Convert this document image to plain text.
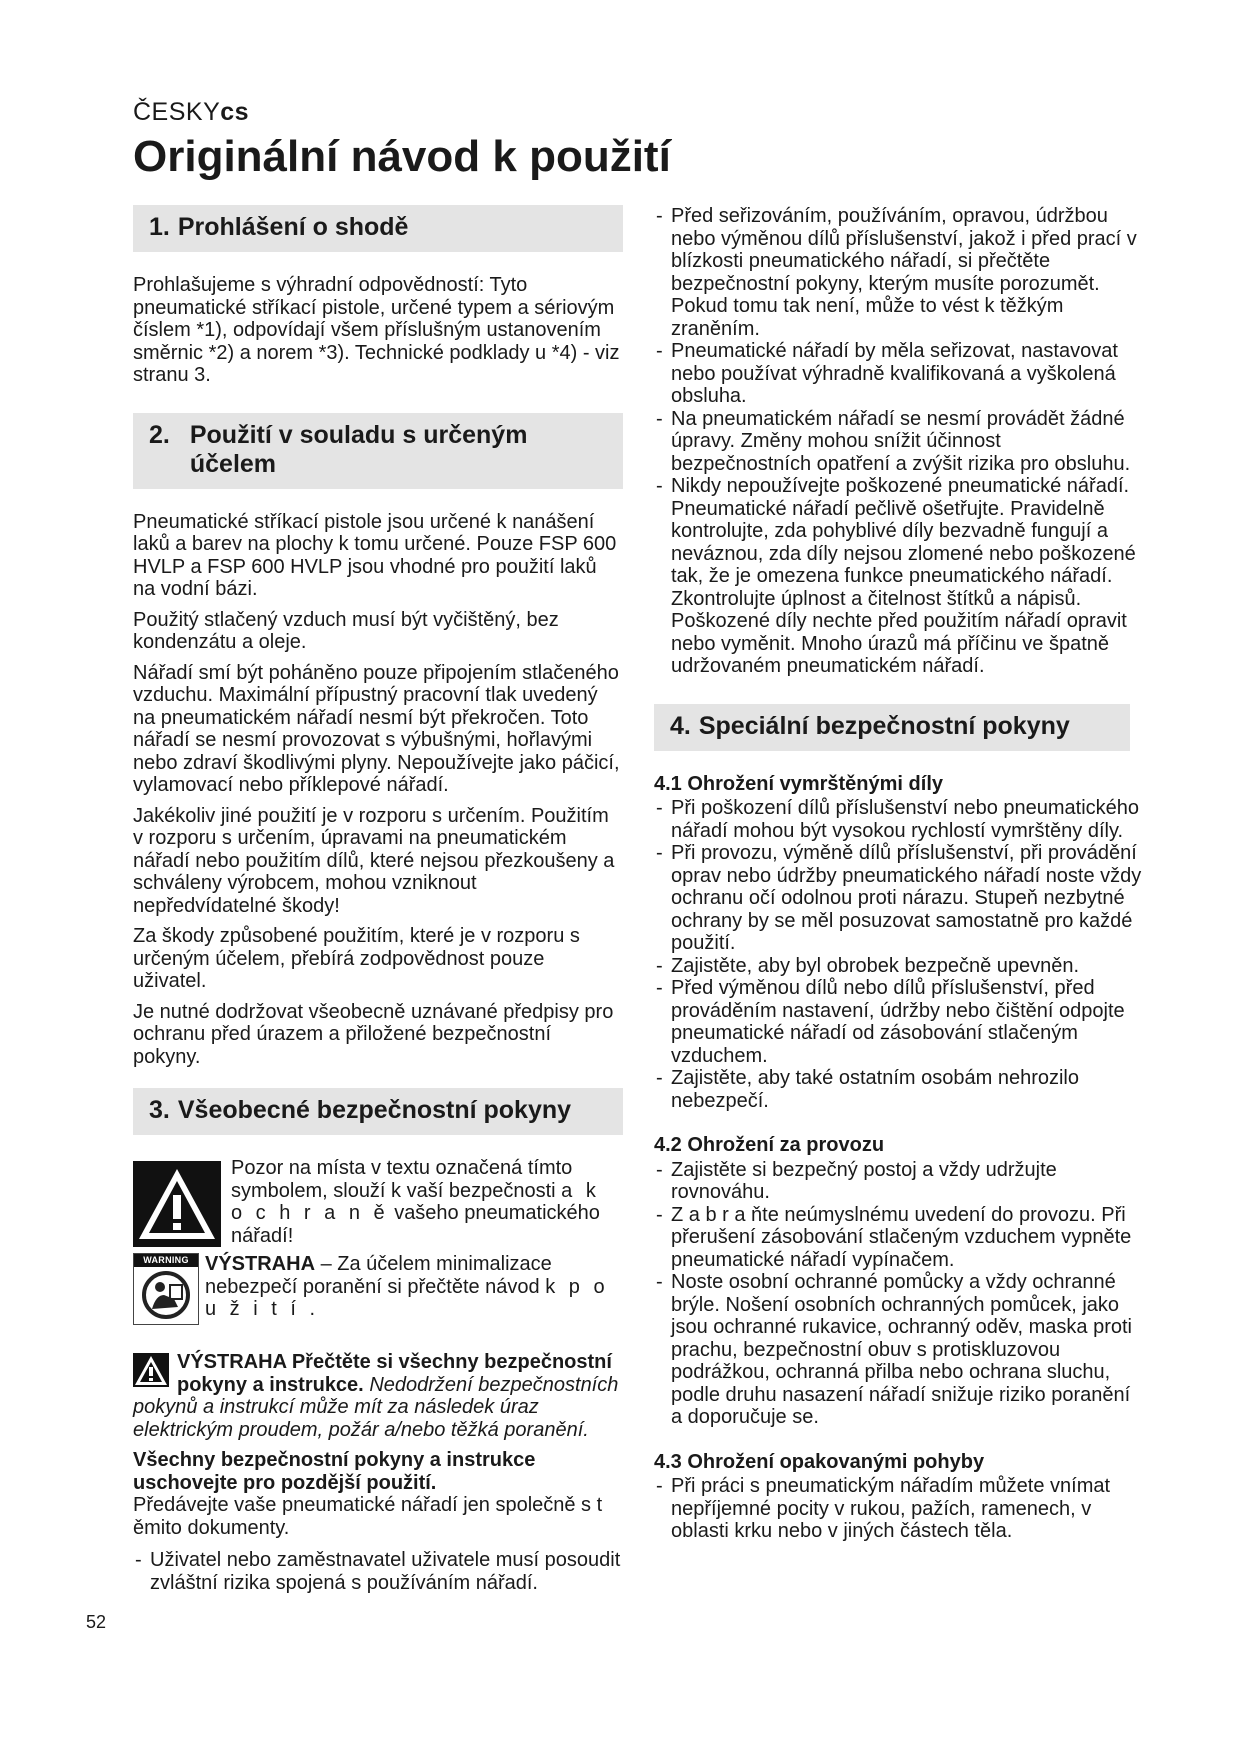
ČESKYcs
Originální návod k použití
1. Prohlášení o shodě

Prohlašujeme s výhradní odpovědností: Tyto pneumatické stříkací pistole, určené typem a sériovým číslem *1), odpovídají všem příslušným ustanovením směrnic *2) a norem *3). Technické podklady u *4) - viz stranu 3.

2. Použití v souladu s určeným účelem

Pneumatické stříkací pistole jsou určené k nanášení laků a barev na plochy k tomu určené. Pouze FSP 600 HVLP a FSP 600 HVLP jsou vhodné pro použití laků na vodní bázi.

Použitý stlačený vzduch musí být vyčištěný, bez kondenzátu a oleje.

Nářadí smí být poháněno pouze připojením stlačeného vzduchu. Maximální přípustný pracovní tlak uvedený na pneumatickém nářadí nesmí být překročen. Toto nářadí se nesmí provozovat s výbušnými, hořlavými nebo zdraví škodlivými plyny. Nepoužívejte jako páčicí, vylamovací nebo příklepové nářadí.

Jakékoliv jiné použití je v rozporu s určením. Použitím v rozporu s určením, úpravami na pneumatickém nářadí nebo použitím dílů, které nejsou přezkoušeny a schváleny výrobcem, mohou vzniknout nepředvídatelné škody!

Za škody způsobené použitím, které je v rozporu s určeným účelem, přebírá zodpovědnost pouze uživatel.

Je nutné dodržovat všeobecně uznávané předpisy pro ochranu před úrazem a přiložené bezpečnostní pokyny.

3. Všeobecné bezpečnostní pokyny
Pozor na místa v textu označená tímto symbolem, slouží k vaší bezpečnosti a k o c h r a n ě vašeho pneumatického nářadí!
WARNING VÝSTRAHA – Za účelem minimalizace nebezpečí poranění si přečtěte návod k p o u ž i t í .

VÝSTRAHA Přečtěte si všechny bezpečnostní pokyny a instrukce. Nedodržení bezpečnostních pokynů a instrukcí může mít za následek úraz elektrickým proudem, požár a/nebo těžká poranění.

Všechny bezpečnostní pokyny a instrukce uschovejte pro pozdější použití.
Předávejte vaše pneumatické nářadí jen společně s t ěmito dokumenty.

- Uživatel nebo zaměstnavatel uživatele musí posoudit zvláštní rizika spojená s používáním nářadí.
- Před seřizováním, používáním, opravou, údržbou nebo výměnou dílů příslušenství, jakož i před prací v blízkosti pneumatického nářadí, si přečtěte bezpečnostní pokyny, kterým musíte porozumět. Pokud tomu tak není, může to vést k těžkým zraněním.
- Pneumatické nářadí by měla seřizovat, nastavovat nebo používat výhradně kvalifikovaná a vyškolená obsluha.
- Na pneumatickém nářadí se nesmí provádět žádné úpravy. Změny mohou snížit účinnost bezpečnostních opatření a zvýšit rizika pro obsluhu.
- Nikdy nepoužívejte poškozené pneumatické nářadí. Pneumatické nářadí pečlivě ošetřujte. Pravidelně kontrolujte, zda pohyblivé díly bezvadně fungují a neváznou, zda díly nejsou zlomené nebo poškozené tak, že je omezena funkce pneumatického nářadí. Zkontrolujte úplnost a čitelnost štítků a nápisů. Poškozené díly nechte před použitím nářadí opravit nebo vyměnit. Mnoho úrazů má příčinu ve špatně udržovaném pneumatickém nářadí.
4. Speciální bezpečnostní pokyny
4.1 Ohrožení vymrštěnými díly
- Při poškození dílů příslušenství nebo pneumatického nářadí mohou být vysokou rychlostí vymrštěny díly.
- Při provozu, výměně dílů příslušenství, při provádění oprav nebo údržby pneumatického nářadí noste vždy ochranu očí odolnou proti nárazu. Stupeň nezbytné ochrany by se měl posuzovat samostatně pro každé použití.
- Zajistěte, aby byl obrobek bezpečně upevněn.
- Před výměnou dílů nebo dílů příslušenství, před prováděním nastavení, údržby nebo čištění odpojte pneumatické nářadí od zásobování stlačeným vzduchem.
- Zajistěte, aby také ostatním osobám nehrozilo nebezpečí.
4.2 Ohrožení za provozu
- Zajistěte si bezpečný postoj a vždy udržujte rovnováhu.
- Z a b r a ňte neúmyslnému uvedení do provozu. Při přerušení zásobování stlačeným vzduchem vypněte pneumatické nářadí vypínačem.
- Noste osobní ochranné pomůcky a vždy ochranné brýle. Nošení osobních ochranných pomůcek, jako jsou ochranné rukavice, ochranný oděv, maska proti prachu, bezpečnostní obuv s protiskluzovou podrážkou, ochranná přilba nebo ochrana sluchu, podle druhu nasazení nářadí snižuje riziko poranění a doporučuje se.
4.3 Ohrožení opakovanými pohyby
- Při práci s pneumatickým nářadím můžete vnímat nepříjemné pocity v rukou, pažích, ramenech, v oblasti krku nebo v jiných částech těla.
52
